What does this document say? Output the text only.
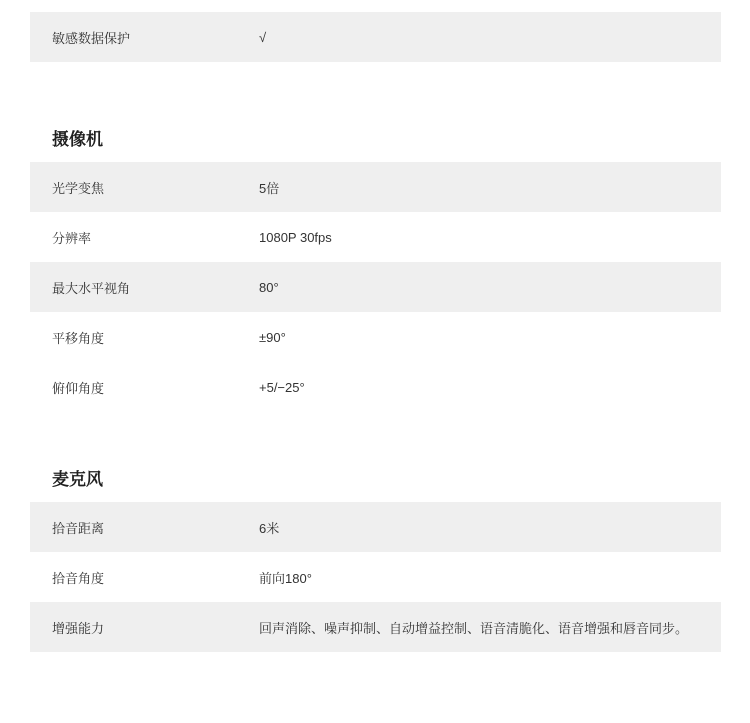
敏感数据保护	√
摄像机
光学变焦	5倍
分辨率	1080P 30fps
最大水平视角	80°
平移角度	±90°
俯仰角度	+5/−25°
麦克风
拾音距离	6米
拾音角度	前向180°
增强能力	回声消除、噪声抑制、自动增益控制、语音清脆化、语音增强和唇音同步。
